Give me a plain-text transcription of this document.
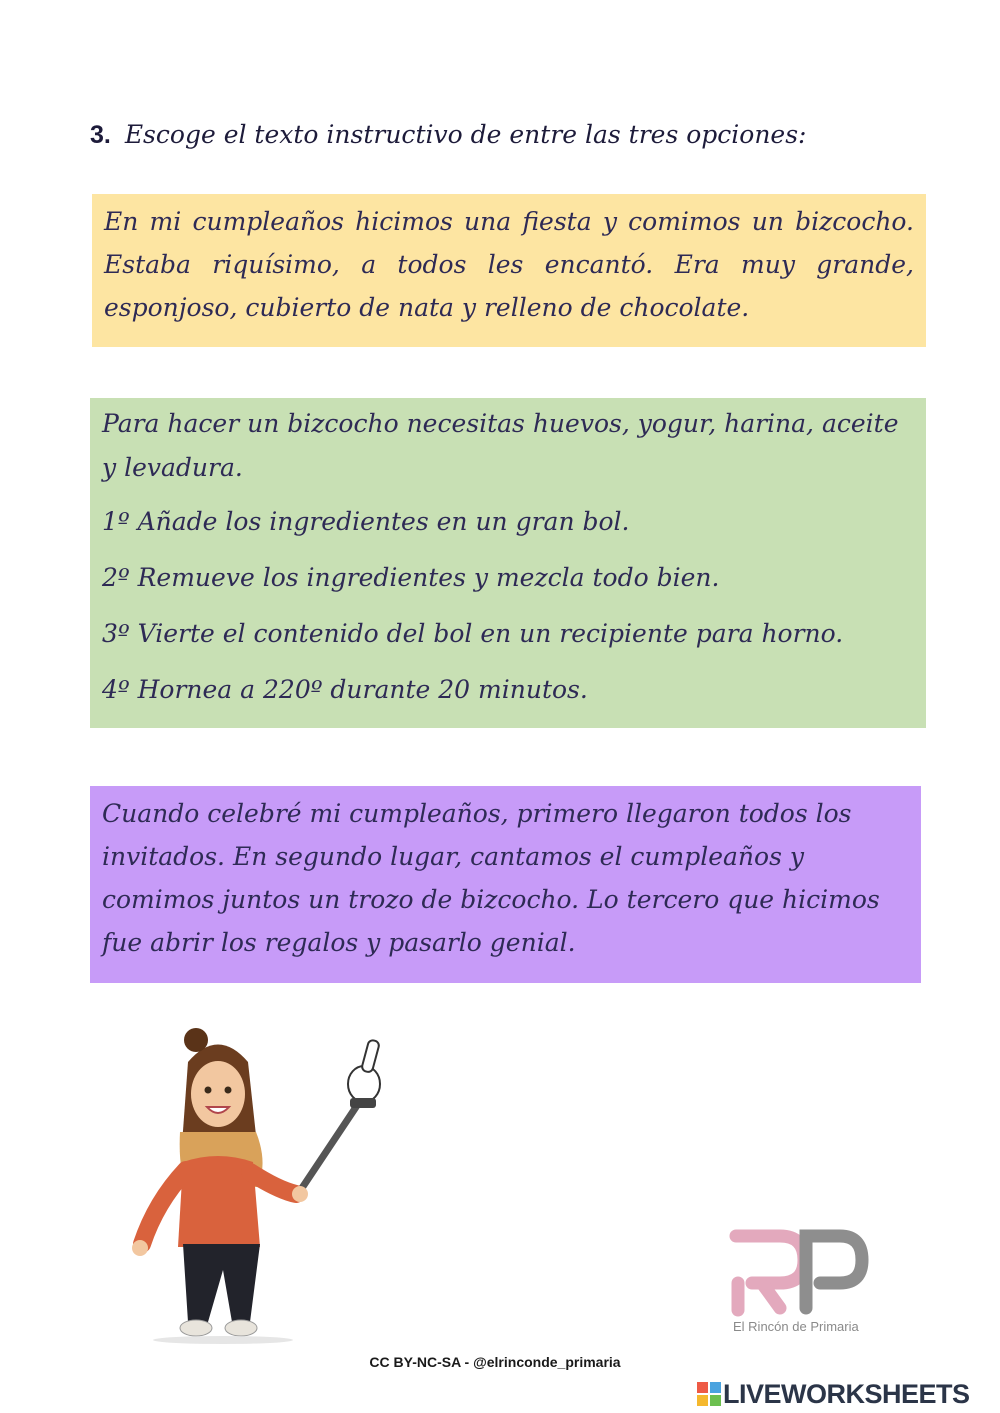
3. Escoge el texto instructivo de entre las tres opciones:

En mi cumpleaños hicimos una fiesta y comimos un bizcocho. Estaba riquísimo, a todos les encantó. Era muy grande, esponjoso, cubierto de nata y relleno de chocolate.

Para hacer un bizcocho necesitas huevos, yogur, harina, aceite y levadura.

1º Añade los ingredientes en un gran bol.

2º Remueve los ingredientes y mezcla todo bien.

3º Vierte el contenido del bol en un recipiente para horno.

4º Hornea a 220º durante 20 minutos.

Cuando celebré mi cumpleaños, primero llegaron todos los invitados. En segundo lugar, cantamos el cumpleaños y comimos juntos un trozo de bizcocho. Lo tercero que hicimos fue abrir los regalos y pasarlo genial.

El Rincón de Primaria
CC BY-NC-SA - @elrinconde_primaria
LIVEWORKSHEETS
